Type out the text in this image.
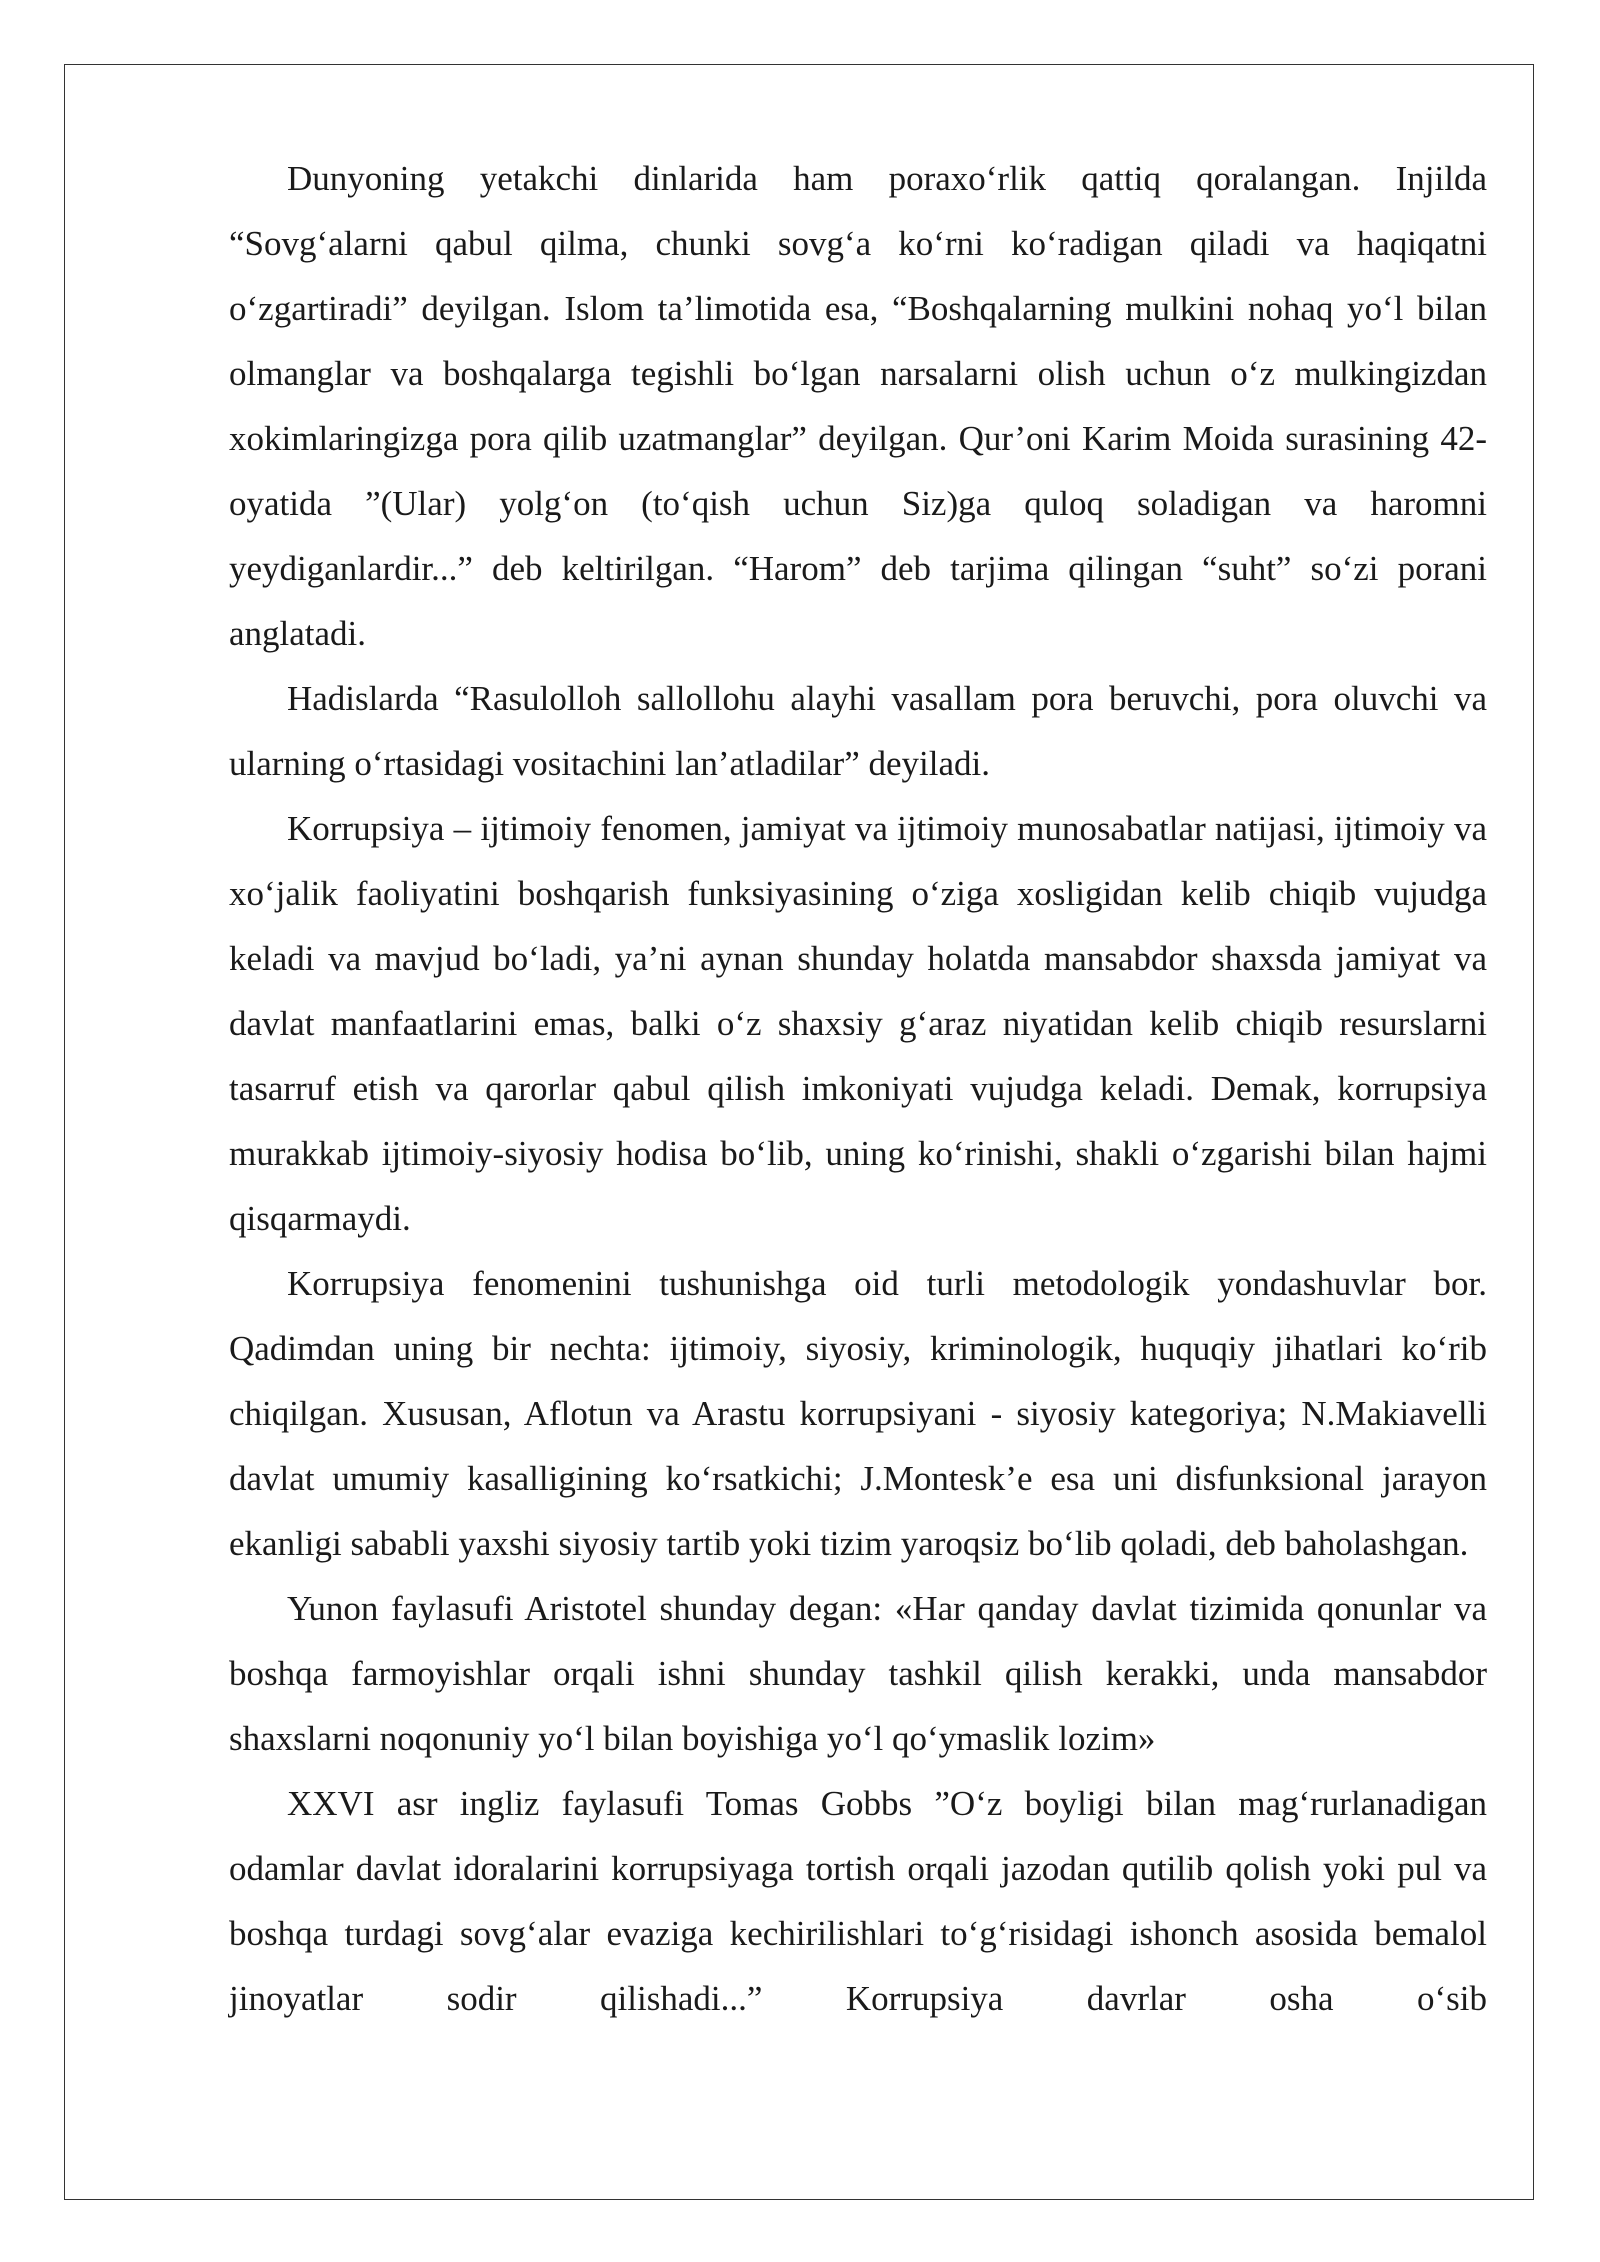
Dunyoning yetakchi dinlarida ham poraxo‘rlik qattiq qoralangan. Injilda “Sovg‘alarni qabul qilma, chunki sovg‘a ko‘rni ko‘radigan qiladi va haqiqatni o‘zgartiradi” deyilgan. Islom ta’limotida esa, “Boshqalarning mulkini nohaq yo‘l bilan olmanglar va boshqalarga tegishli bo‘lgan narsalarni olish uchun o‘z mulkingizdan xokimlaringizga pora qilib uzatmanglar” deyilgan. Qur’oni Karim Moida surasining 42-oyatida ”(Ular) yolg‘on (to‘qish uchun Siz)ga quloq soladigan va haromni yeydiganlardir...” deb keltirilgan. “Harom” deb tarjima qilingan “suht” so‘zi porani anglatadi.

Hadislarda “Rasulolloh sallollohu alayhi vasallam pora beruvchi, pora oluvchi va ularning o‘rtasidagi vositachini lan’atladilar” deyiladi.

Korrupsiya – ijtimoiy fenomen, jamiyat va ijtimoiy munosabatlar natijasi, ijtimoiy va xo‘jalik faoliyatini boshqarish funksiyasining o‘ziga xosligidan kelib chiqib vujudga keladi va mavjud bo‘ladi, ya’ni aynan shunday holatda mansabdor shaxsda jamiyat va davlat manfaatlarini emas, balki o‘z shaxsiy g‘araz niyatidan kelib chiqib resurslarni tasarruf etish va qarorlar qabul qilish imkoniyati vujudga keladi. Demak, korrupsiya murakkab ijtimoiy-siyosiy hodisa bo‘lib, uning ko‘rinishi, shakli o‘zgarishi bilan hajmi qisqarmaydi.

Korrupsiya fenomenini tushunishga oid turli metodologik yondashuvlar bor. Qadimdan uning bir nechta: ijtimoiy, siyosiy, kriminologik, huquqiy jihatlari ko‘rib chiqilgan. Xususan, Aflotun va Arastu korrupsiyani - siyosiy kategoriya; N.Makiavelli davlat umumiy kasalligining ko‘rsatkichi; J.Montesk’e esa uni disfunksional jarayon ekanligi sababli yaxshi siyosiy tartib yoki tizim yaroqsiz bo‘lib qoladi, deb baholashgan.

Yunon faylasufi Aristotel shunday degan: «Har qanday davlat tizimida qonunlar va boshqa farmoyishlar orqali ishni shunday tashkil qilish kerakki, unda mansabdor shaxslarni noqonuniy yo‘l bilan boyishiga yo‘l qo‘ymaslik lozim»

XXVI asr ingliz faylasufi Tomas Gobbs ”O‘z boyligi bilan mag‘rurlanadigan odamlar davlat idoralarini korrupsiyaga tortish orqali jazodan qutilib qolish yoki pul va boshqa turdagi sovg‘alar evaziga kechirilishlari to‘g‘risidagi ishonch asosida bemalol jinoyatlar sodir qilishadi...” Korrupsiya davrlar osha o‘sib
